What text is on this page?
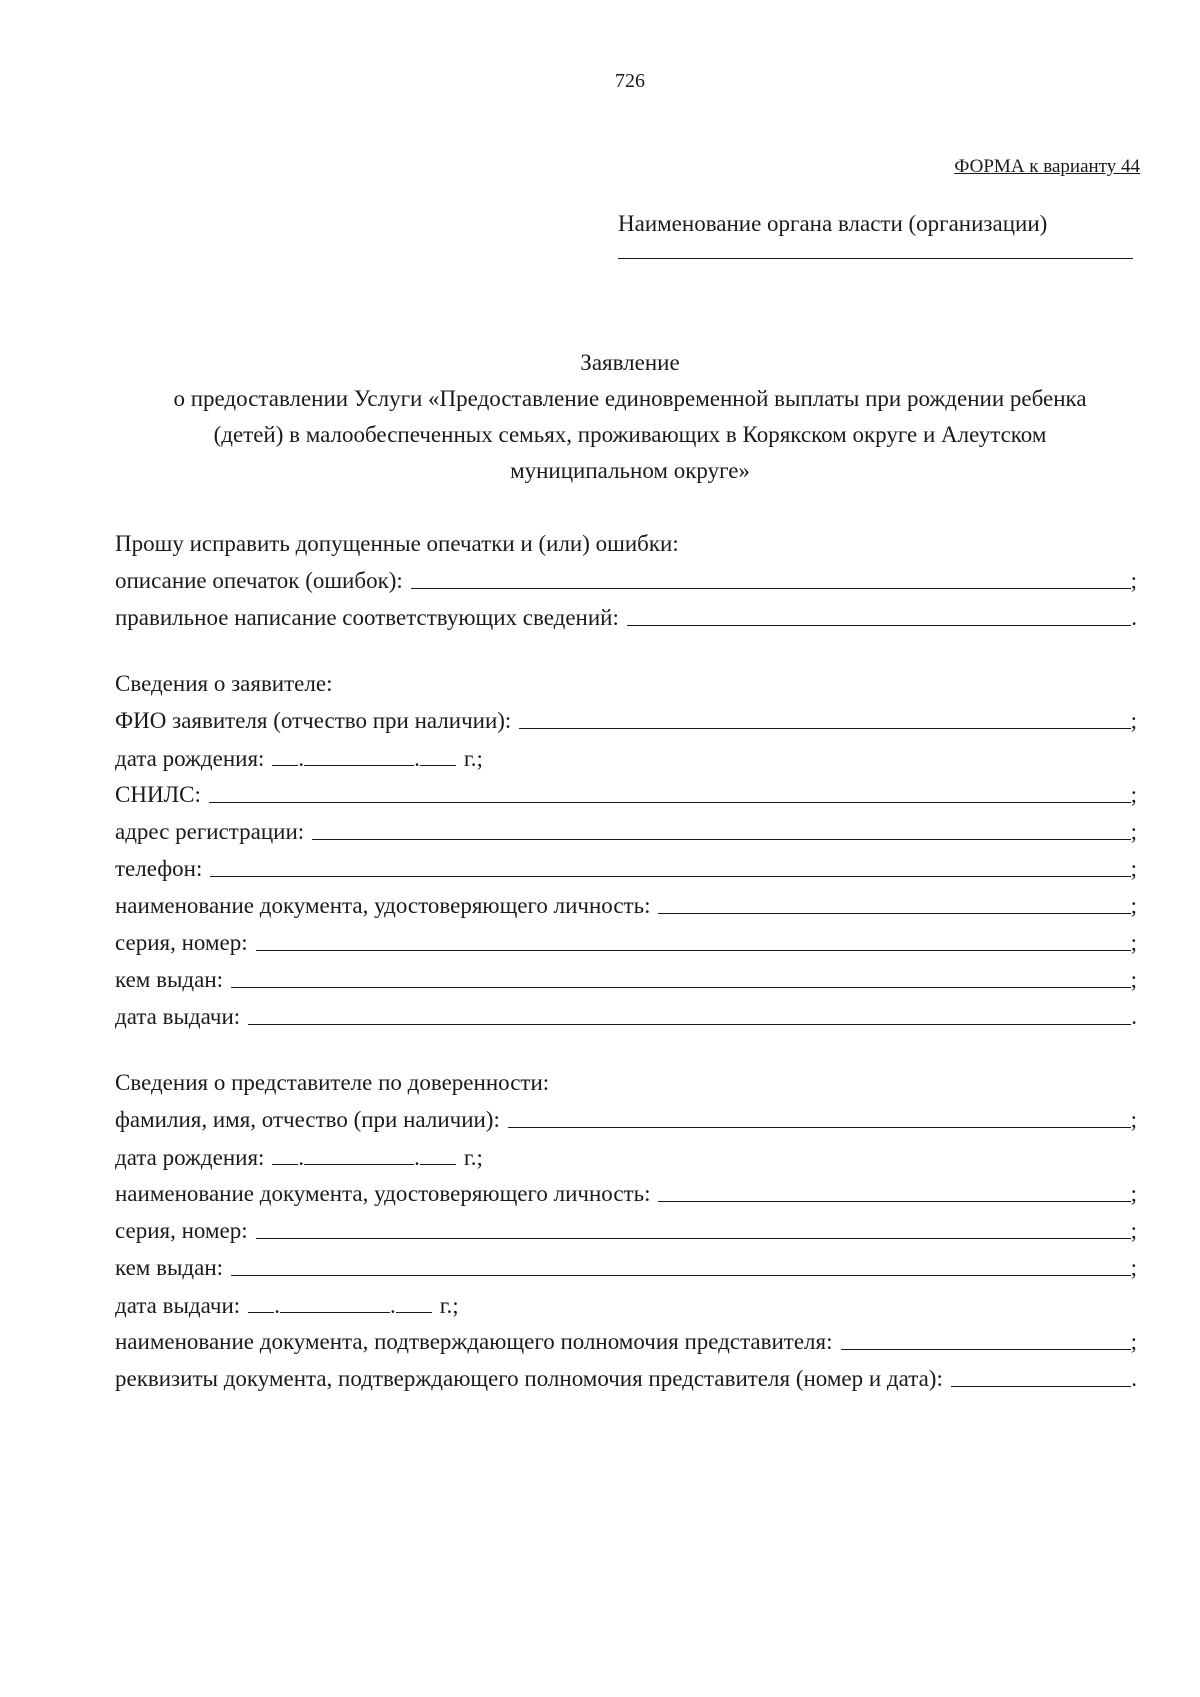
726
ФОРМА к варианту 44
Наименование органа власти (организации)
Заявление
о предоставлении Услуги «Предоставление единовременной выплаты при рождении ребенка
(детей) в малообеспеченных семьях, проживающих в Корякском округе и Алеутском
муниципальном округе»
Прошу исправить допущенные опечатки и (или) ошибки:
описание опечаток (ошибок):	;
правильное написание соответствующих сведений:	.
Сведения о заявителе:
ФИО заявителя (отчество при наличии):	;
дата рождения: .	. г.;
СНИЛС:	;
адрес регистрации:	;
телефон:	;
наименование документа, удостоверяющего личность:	;
серия, номер:	;
кем выдан:	;
дата выдачи:	.
Сведения о представителе по доверенности:
фамилия, имя, отчество (при наличии):	;
дата рождения: .	. г.;
наименование документа, удостоверяющего личность:	;
серия, номер:	;
кем выдан:	;
дата выдачи: .	. г.;
наименование документа, подтверждающего полномочия представителя:	;
реквизиты документа, подтверждающего полномочия представителя (номер и дата):	.
